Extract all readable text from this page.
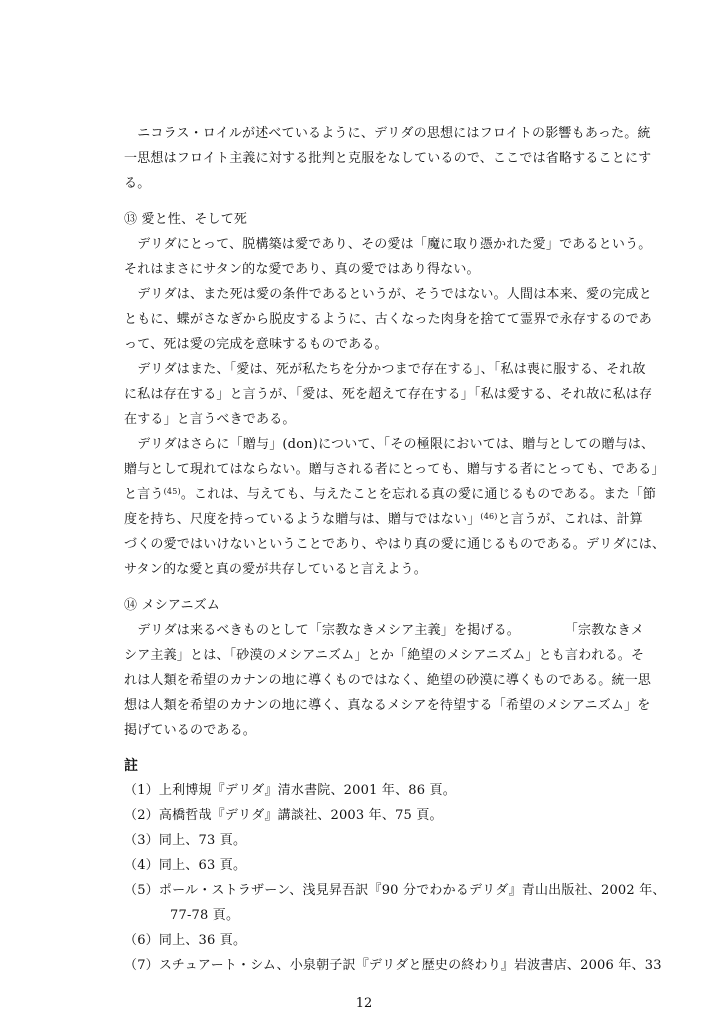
　ニコラス・ロイルが述べているように、デリダの思想にはフロイトの影響もあった。統
一思想はフロイト主義に対する批判と克服をなしているので、ここでは省略することにす
る。
⑬ 愛と性、そして死
　デリダにとって、脱構築は愛であり、その愛は「魔に取り憑かれた愛」であるという。
それはまさにサタン的な愛であり、真の愛ではあり得ない。
　デリダは、また死は愛の条件であるというが、そうではない。人間は本来、愛の完成と
ともに、蝶がさなぎから脱皮するように、古くなった肉身を捨てて霊界で永存するのであ
って、死は愛の完成を意味するものである。
　デリダはまた、「愛は、死が私たちを分かつまで存在する」、「私は喪に服する、それ故
に私は存在する」と言うが、「愛は、死を超えて存在する」「私は愛する、それ故に私は存
在する」と言うべきである。
　デリダはさらに「贈与」(don)について、「その極限においては、贈与としての贈与は、
贈与として現れてはならない。贈与される者にとっても、贈与する者にとっても、である」
と言う$^{(45)}$。これは、与えても、与えたことを忘れる真の愛に通じるものである。また「節
度を持ち、尺度を持っているような贈与は、贈与ではない」$^{(46)}$と言うが、これは、計算
づくの愛ではいけないということであり、やはり真の愛に通じるものである。デリダには、
サタン的な愛と真の愛が共存していると言えよう。
⑭ メシアニズム
　デリダは来るべきものとして「宗教なきメシア主義」を掲げる。	「宗教なきメ
シア主義」とは、「砂漠のメシアニズム」とか「絶望のメシアニズム」とも言われる。そ
れは人類を希望のカナンの地に導くものではなく、絶望の砂漠に導くものである。統一思
想は人類を希望のカナンの地に導く、真なるメシアを待望する「希望のメシアニズム」を
掲げているのである。
註
（1）上利博規『デリダ』清水書院、2001 年、86 頁。
（2）高橋哲哉『デリダ』講談社、2003 年、75 頁。
（3）同上、73 頁。
（4）同上、63 頁。
（5）ポール・ストラザーン、浅見昇吾訳『90 分でわかるデリダ』青山出版社、2002 年、
77-78 頁。
（6）同上、36 頁。
（7）スチュアート・シム、小泉朝子訳『デリダと歴史の終わり』岩波書店、2006 年、33
12
